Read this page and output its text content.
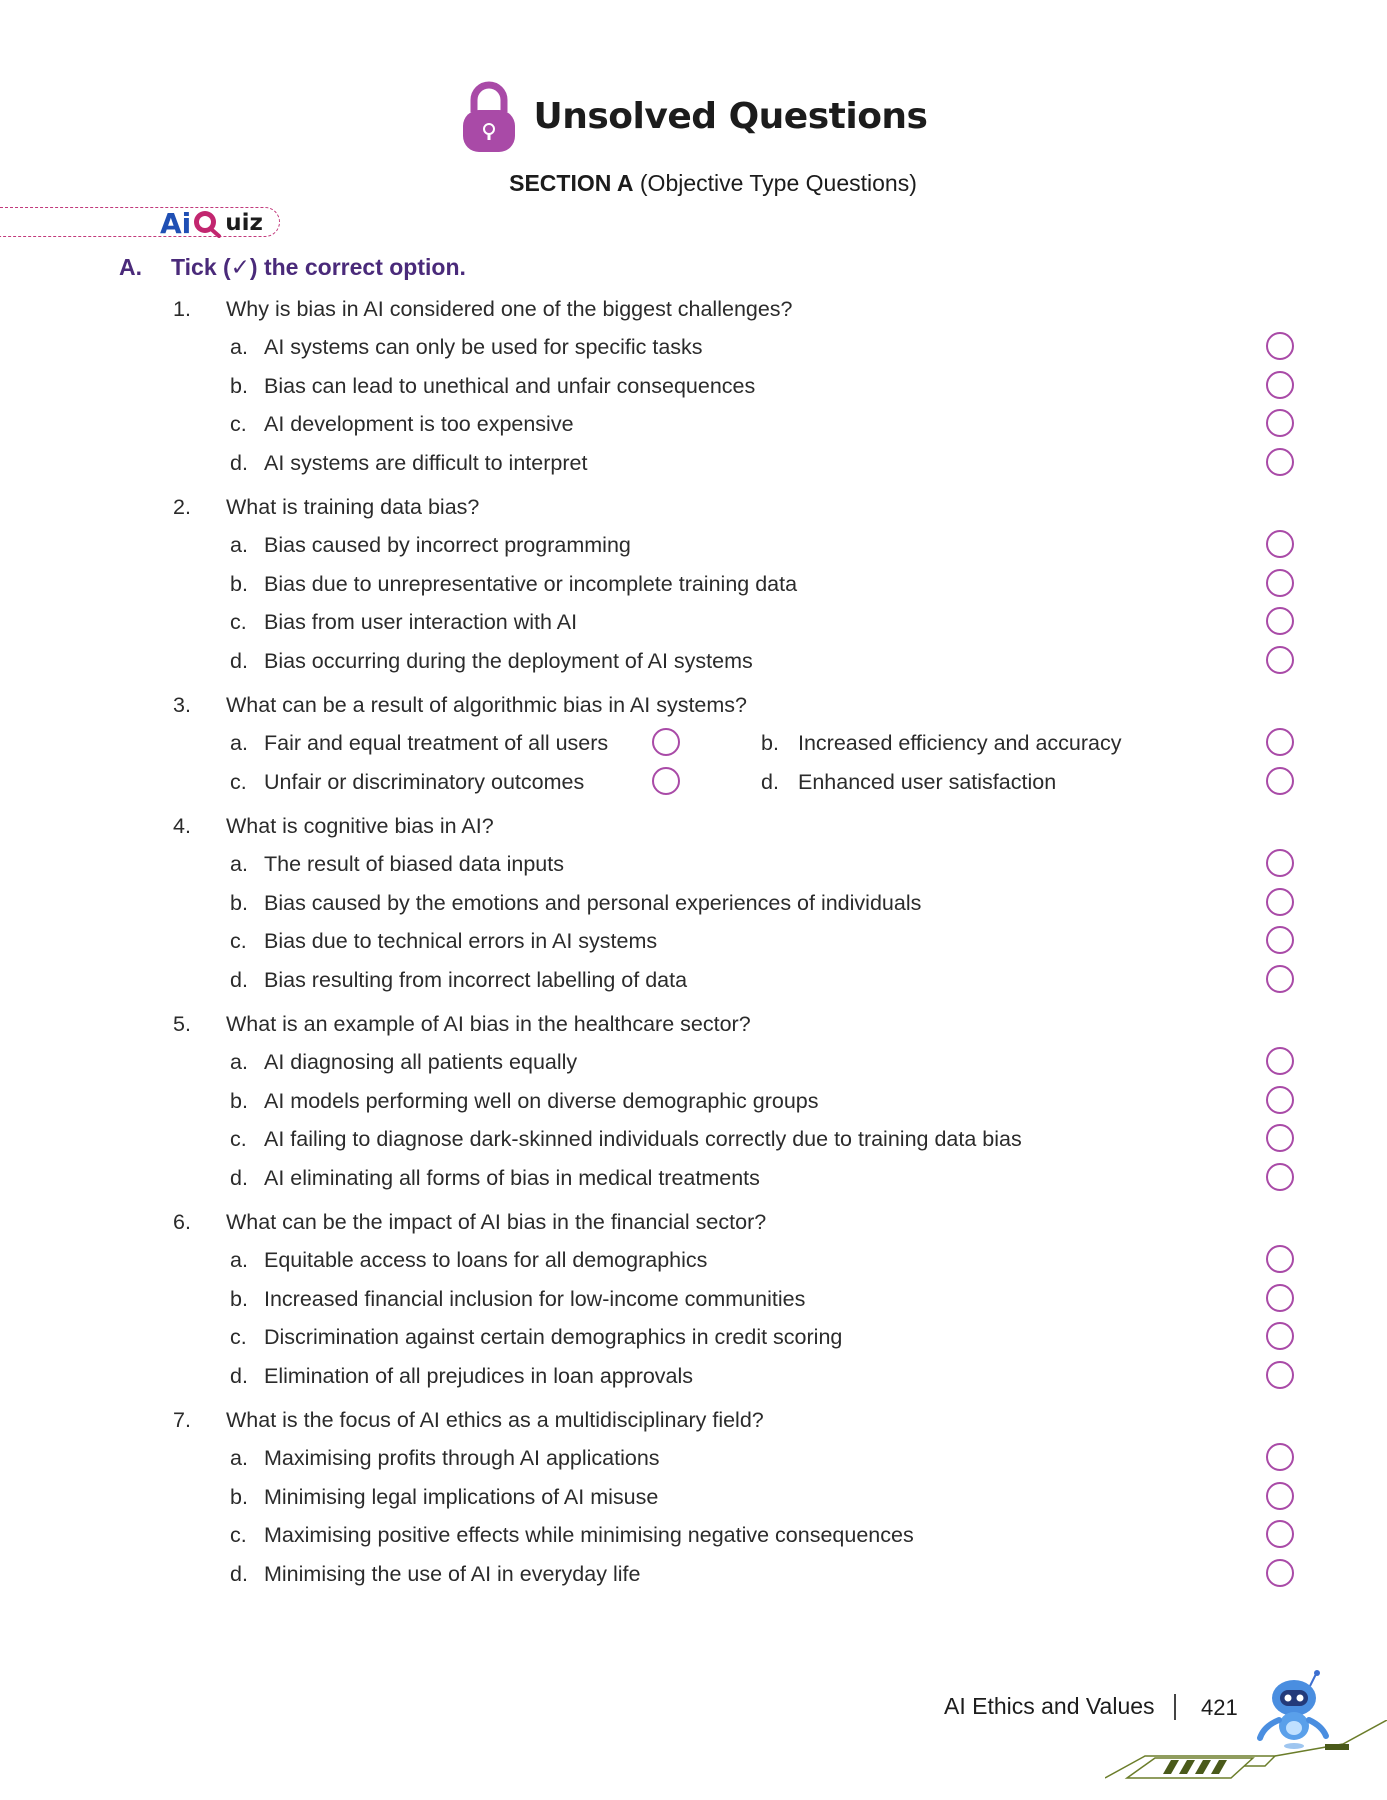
Unsolved Questions
SECTION A (Objective Type Questions)
Ai uiz
A.	Tick (✓) the correct option.
1. Why is bias in AI considered one of the biggest challenges?
a. AI systems can only be used for specific tasks
b. Bias can lead to unethical and unfair consequences
c. AI development is too expensive
d. AI systems are difficult to interpret
2. What is training data bias?
a. Bias caused by incorrect programming
b. Bias due to unrepresentative or incomplete training data
c. Bias from user interaction with AI
d. Bias occurring during the deployment of AI systems
3. What can be a result of algorithmic bias in AI systems?
a. Fair and equal treatment of all users	b. Increased efficiency and accuracy
c. Unfair or discriminatory outcomes	d. Enhanced user satisfaction
4. What is cognitive bias in AI?
a. The result of biased data inputs
b. Bias caused by the emotions and personal experiences of individuals
c. Bias due to technical errors in AI systems
d. Bias resulting from incorrect labelling of data
5. What is an example of AI bias in the healthcare sector?
a. AI diagnosing all patients equally
b. AI models performing well on diverse demographic groups
c. AI failing to diagnose dark-skinned individuals correctly due to training data bias
d. AI eliminating all forms of bias in medical treatments
6. What can be the impact of AI bias in the financial sector?
a. Equitable access to loans for all demographics
b. Increased financial inclusion for low-income communities
c. Discrimination against certain demographics in credit scoring
d. Elimination of all prejudices in loan approvals
7. What is the focus of AI ethics as a multidisciplinary field?
a. Maximising profits through AI applications
b. Minimising legal implications of AI misuse
c. Maximising positive effects while minimising negative consequences
d. Minimising the use of AI in everyday life
AI Ethics and Values 421
